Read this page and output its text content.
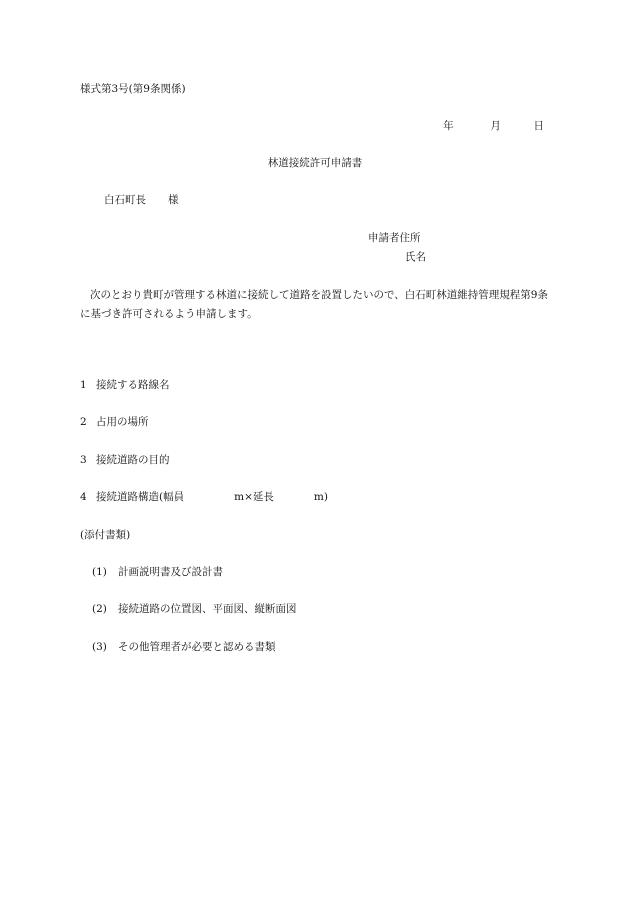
様式第3号(第9条関係)
年	月	日
林道接続許可申請書
白石町長 様
申請者住所
氏名
次のとおり貴町が管理する林道に接続して道路を設置したいので、白石町林道維持管理規程第9条に基づき許可されるよう申請します。
1 接続する路線名
2 占用の場所
3 接続道路の目的
4 接続道路構造(幅員	m×延長	m)
(添付書類)
(1) 計画説明書及び設計書
(2) 接続道路の位置図、平面図、縦断面図
(3) その他管理者が必要と認める書類
